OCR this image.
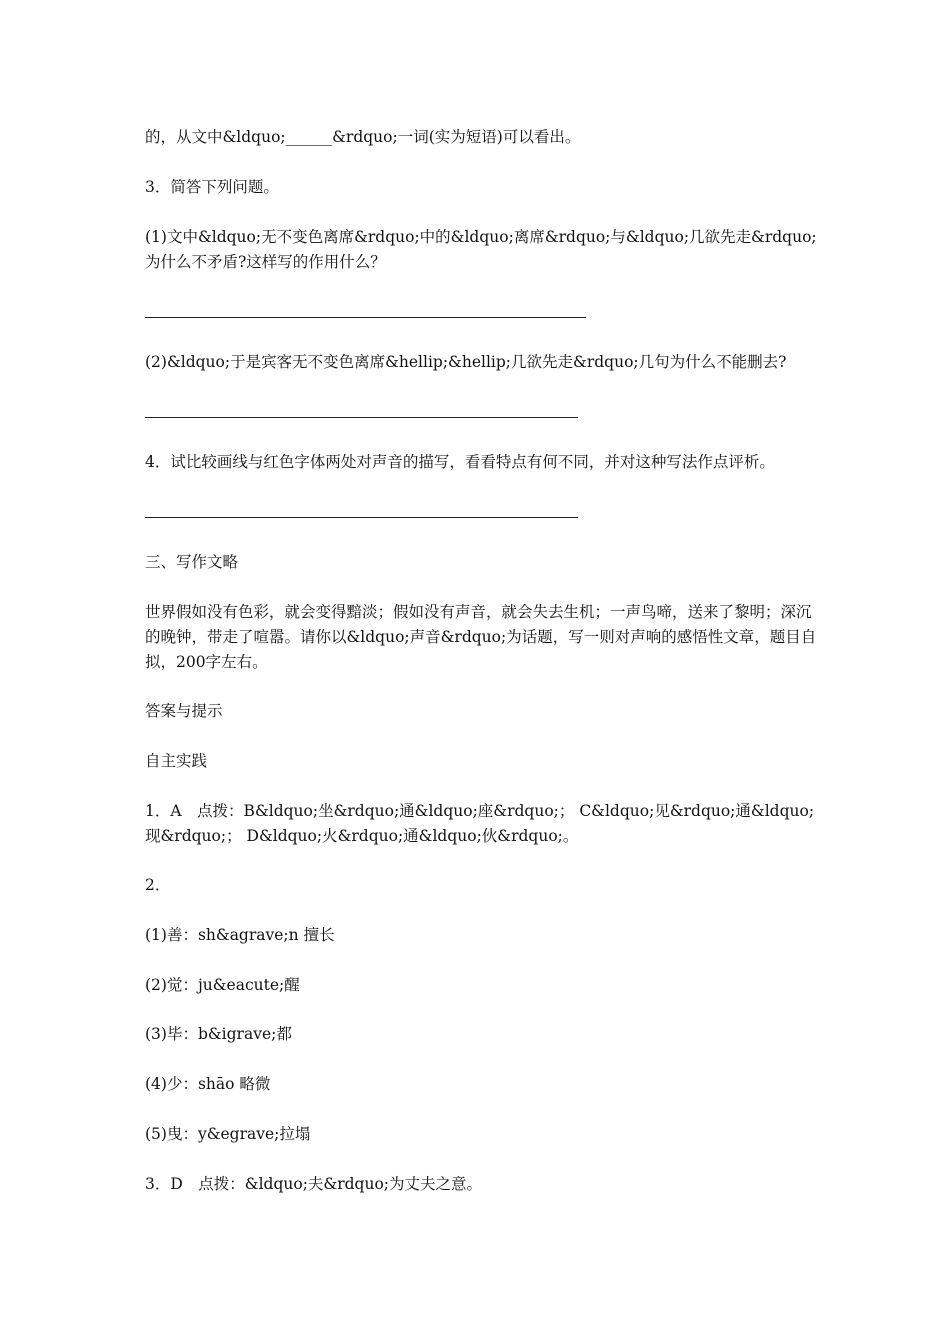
的，从文中&ldquo;______&rdquo;一词(实为短语)可以看出。

3．简答下列问题。

(1)文中&ldquo;无不变色离席&rdquo;中的&ldquo;离席&rdquo;与&ldquo;几欲先走&rdquo;为什么不矛盾?这样写的作用什么？

(2)&ldquo;于是宾客无不变色离席&hellip;&hellip;几欲先走&rdquo;几句为什么不能删去?

4．试比较画线与红色字体两处对声音的描写，看看特点有何不同，并对这种写法作点评析。

三、写作文略

世界假如没有色彩，就会变得黯淡；假如没有声音，就会失去生机；一声鸟啼，送来了黎明；深沉的晚钟，带走了喧嚣。请你以&ldquo;声音&rdquo;为话题，写一则对声响的感悟性文章，题目自拟，200字左右。

答案与提示

自主实践

1．A　点拨：B&ldquo;坐&rdquo;通&ldquo;座&rdquo;； C&ldquo;见&rdquo;通&ldquo;现&rdquo;； D&ldquo;火&rdquo;通&ldquo;伙&rdquo;。

2．

(1)善：sh&agrave;n 擅长

(2)觉：ju&eacute;醒

(3)毕：b&igrave;都

(4)少：shāo 略微

(5)曳：y&egrave;拉塌

3．D　点拨：&ldquo;夫&rdquo;为丈夫之意。
